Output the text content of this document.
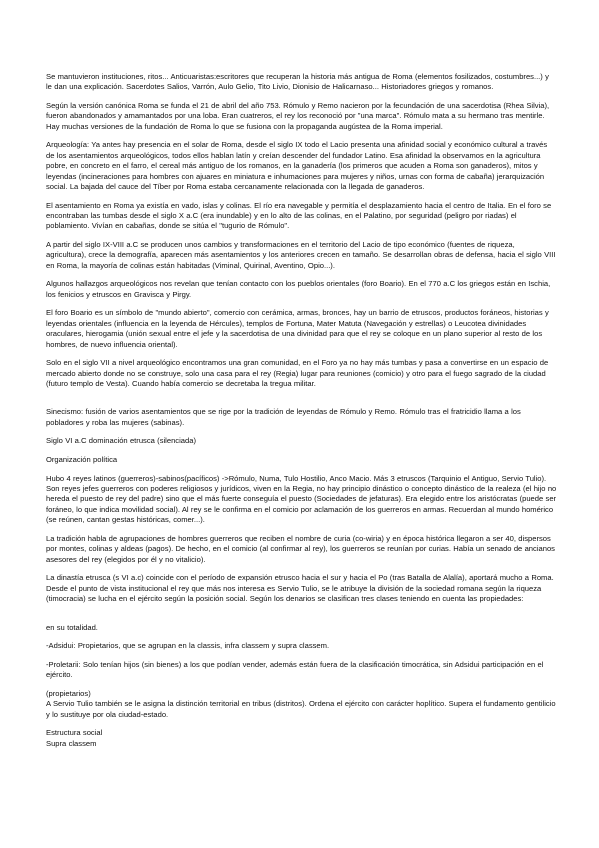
Se mantuvieron instituciones, ritos... Anticuaristas:escritores que recuperan la historia más antigua de Roma (elementos fosilizados, costumbres...) y le dan una explicación. Sacerdotes Salios, Varrón, Aulo Gelio, Tito Livio, Dionisio de Halicarnaso... Historiadores griegos y romanos.

Según la versión canónica Roma se funda el 21 de abril del año 753. Rómulo y Remo nacieron por la fecundación de una sacerdotisa (Rhea Silvia), fueron abandonados y amamantados por una loba. Eran cuatreros, el rey los reconoció por "una marca". Rómulo mata a su hermano tras mentirle. Hay muchas versiones de la fundación de Roma lo que se fusiona con la propaganda augústea de la Roma imperial.

Arqueología: Ya antes hay presencia en el solar de Roma, desde el siglo IX todo el Lacio presenta una afinidad social y económico cultural a través de los asentamientos arqueológicos, todos ellos hablan latín y creían descender del fundador Latino. Esa afinidad la observamos en la agricultura pobre, en concreto en el farro, el cereal más antiguo de los romanos, en la ganadería (los primeros que acuden a Roma son ganaderos), mitos y leyendas (incineraciones para hombres con ajuares en miniatura e inhumaciones para mujeres y niños, urnas con forma de cabaña) jerarquización social. La bajada del cauce del Tíber por Roma estaba cercanamente relacionada con la llegada de ganaderos.

El asentamiento en Roma ya existía en vado, islas y colinas. El río era navegable y permitía el desplazamiento hacia el centro de Italia. En el foro se encontraban las tumbas desde el siglo X a.C (era inundable) y en lo alto de las colinas, en el Palatino, por seguridad (peligro por riadas) el poblamiento. Vivían en cabañas, donde se sitúa el "tugurio de Rómulo".

A partir del siglo IX-VIII a.C se producen unos cambios y transformaciones en el territorio del Lacio de tipo económico (fuentes de riqueza, agricultura), crece la demografía, aparecen más asentamientos y los anteriores crecen en tamaño. Se desarrollan obras de defensa, hacia el siglo VIII en Roma, la mayoría de colinas están habitadas (Viminal, Quirinal, Aventino, Opio...).

Algunos hallazgos arqueológicos nos revelan que tenían contacto con los pueblos orientales (foro Boario). En el 770 a.C los griegos están en Ischia, los fenicios y etruscos en Gravisca y Pirgy.

El foro Boario es un símbolo de "mundo abierto", comercio con cerámica, armas, bronces, hay un barrio de etruscos, productos foráneos, historias y leyendas orientales (influencia en la leyenda de Hércules), templos de Fortuna, Mater Matuta (Navegación y estrellas) o Leucotea divinidades oraculares, hierogamia (unión sexual entre el jefe y la sacerdotisa de una divinidad para que el rey se coloque en un plano superior al resto de los hombres, de nuevo influencia oriental).

Solo en el siglo VII a nivel arqueológico encontramos una gran comunidad, en el Foro ya no hay más tumbas y pasa a convertirse en un espacio de mercado abierto donde no se construye, solo una casa para el rey (Regia) lugar para reuniones (comicio) y otro para el fuego sagrado de la ciudad (futuro templo de Vesta). Cuando había comercio se decretaba la tregua militar.

Sinecismo: fusión de varios asentamientos que se rige por la tradición de leyendas de Rómulo y Remo. Rómulo tras el fratricidio llama a los pobladores y roba las mujeres (sabinas).

Siglo VI a.C dominación etrusca (silenciada)

Organización política

Hubo 4 reyes latinos (guerreros)-sabinos(pacíficos) ->Rómulo, Numa, Tulo Hostilio, Anco Macio. Más 3 etruscos (Tarquinio el Antiguo, Servio Tulio). Son reyes jefes guerreros con poderes religiosos y jurídicos, viven en la Regia, no hay principio dinástico o concepto dinástico de la realeza (el hijo no hereda el puesto de rey del padre) sino que el más fuerte conseguía el puesto (Sociedades de jefaturas). Era elegido entre los aristócratas (puede ser foráneo, lo que indica movilidad social). Al rey se le confirma en el comicio por aclamación de los guerreros en armas. Recuerdan al mundo homérico (se reúnen, cantan gestas históricas, comer...).

La tradición habla de agrupaciones de hombres guerreros que reciben el nombre de curia (co-wiria) y en época histórica llegaron a ser 40, dispersos por montes, colinas y aldeas (pagos). De hecho, en el comicio (al confirmar al rey), los guerreros se reunían por curias. Había un senado de ancianos asesores del rey (elegidos por él y no vitalicio).

La dinastía etrusca (s VI a.c) coincide con el período de expansión etrusco hacia el sur y hacia el Po (tras Batalla de Alalía), aportará mucho a Roma. Desde el punto de vista institucional el rey que más nos interesa es Servio Tulio, se le atribuye la división de la sociedad romana según la riqueza (timocracia) se lucha en el ejército según la posición social. Según los denarios se clasifican tres clases teniendo en cuenta las propiedades:

en su totalidad.

-Adsidui: Propietarios, que se agrupan en la classis, infra classem y supra classem.

-Proletarii: Solo tenían hijos (sin bienes) a los que podían vender, además están fuera de la clasificación timocrática, sin Adsidui participación en el ejército.

(propietarios)

A Servio Tulio también se le asigna la distinción territorial en tribus (distritos). Ordena el ejército con carácter hoplítico. Supera el fundamento gentilicio y lo sustituye por ola ciudad-estado.

Estructura social

Supra classem
